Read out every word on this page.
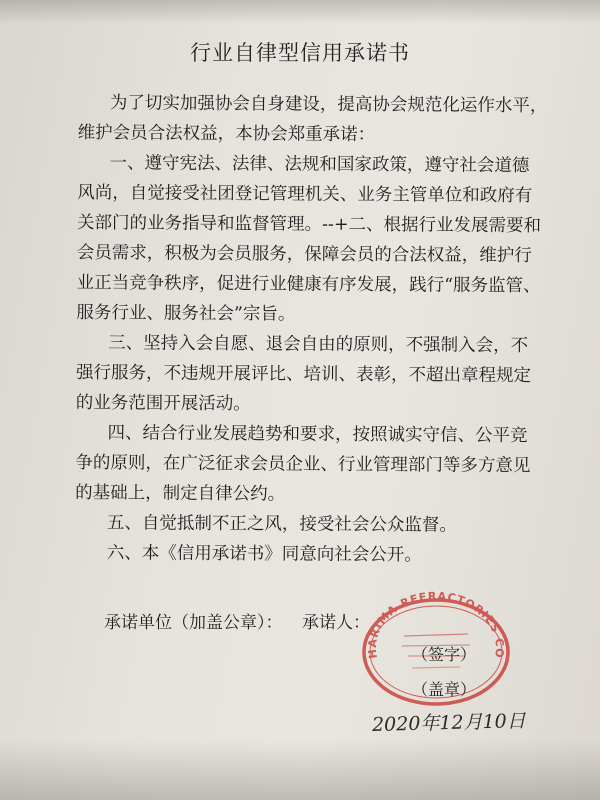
行业自律型信用承诺书
为了切实加强协会自身建设，提高协会规范化运作水平，
维护会员合法权益，本协会郑重承诺：
一、遵守宪法、法律、法规和国家政策，遵守社会道德
风尚，自觉接受社团登记管理机关、业务主管单位和政府有
关部门的业务指导和监督管理。--+二、根据行业发展需要和
会员需求，积极为会员服务，保障会员的合法权益，维护行
业正当竞争秩序，促进行业健康有序发展，践行“服务监管、
服务行业、服务社会”宗旨。
三、坚持入会自愿、退会自由的原则，不强制入会，不
强行服务，不违规开展评比、培训、表彰，不超出章程规定
的业务范围开展活动。
四、结合行业发展趋势和要求，按照诚实守信、公平竞
争的原则，在广泛征求会员企业、行业管理部门等多方意见
的基础上，制定自律公约。
五、自觉抵制不正之风，接受社会公众监督。
六、本《信用承诺书》同意向社会公开。
承诺单位（加盖公章）： 承诺人：
HARIMA REFRACTORIES CO
（签字）
（盖章）
2020年12月10日
